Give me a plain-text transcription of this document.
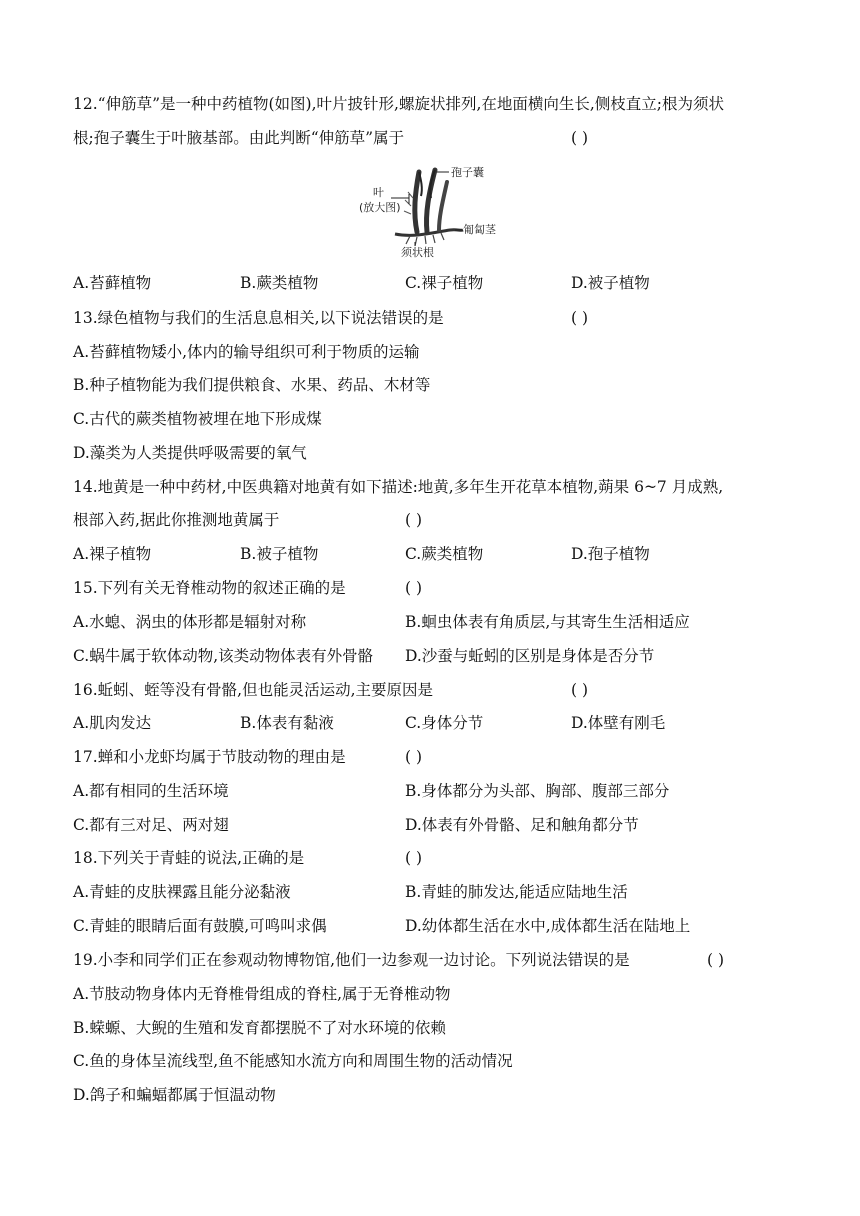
12.“伸筋草”是一种中药植物(如图),叶片披针形,螺旋状排列,在地面横向生长,侧枝直立;根为须状
根;孢子囊生于叶腋基部。由此判断“伸筋草”属于	( )
孢子囊
叶
(放大图)
匍匐茎
须状根
A.苔藓植物	B.蕨类植物	C.裸子植物	D.被子植物
13.绿色植物与我们的生活息息相关,以下说法错误的是	( )
A.苔藓植物矮小,体内的输导组织可利于物质的运输
B.种子植物能为我们提供粮食、水果、药品、木材等
C.古代的蕨类植物被埋在地下形成煤
D.藻类为人类提供呼吸需要的氧气
14.地黄是一种中药材,中医典籍对地黄有如下描述:地黄,多年生开花草本植物,蒴果 6~7 月成熟,
根部入药,据此你推测地黄属于	( )
A.裸子植物	B.被子植物	C.蕨类植物	D.孢子植物
15.下列有关无脊椎动物的叙述正确的是	( )
A.水螅、涡虫的体形都是辐射对称	B.蛔虫体表有角质层,与其寄生生活相适应
C.蜗牛属于软体动物,该类动物体表有外骨骼 D.沙蚕与蚯蚓的区别是身体是否分节
16.蚯蚓、蛭等没有骨骼,但也能灵活运动,主要原因是	( )
A.肌肉发达	B.体表有黏液	C.身体分节	D.体壁有刚毛
17.蝉和小龙虾均属于节肢动物的理由是	( )
A.都有相同的生活环境	B.身体都分为头部、胸部、腹部三部分
C.都有三对足、两对翅	D.体表有外骨骼、足和触角都分节
18.下列关于青蛙的说法,正确的是	( )
A.青蛙的皮肤裸露且能分泌黏液	B.青蛙的肺发达,能适应陆地生活
C.青蛙的眼睛后面有鼓膜,可鸣叫求偶	D.幼体都生活在水中,成体都生活在陆地上
19.小李和同学们正在参观动物博物馆,他们一边参观一边讨论。下列说法错误的是	( )
A.节肢动物身体内无脊椎骨组成的脊柱,属于无脊椎动物
B.蝾螈、大鲵的生殖和发育都摆脱不了对水环境的依赖
C.鱼的身体呈流线型,鱼不能感知水流方向和周围生物的活动情况
D.鸽子和蝙蝠都属于恒温动物
